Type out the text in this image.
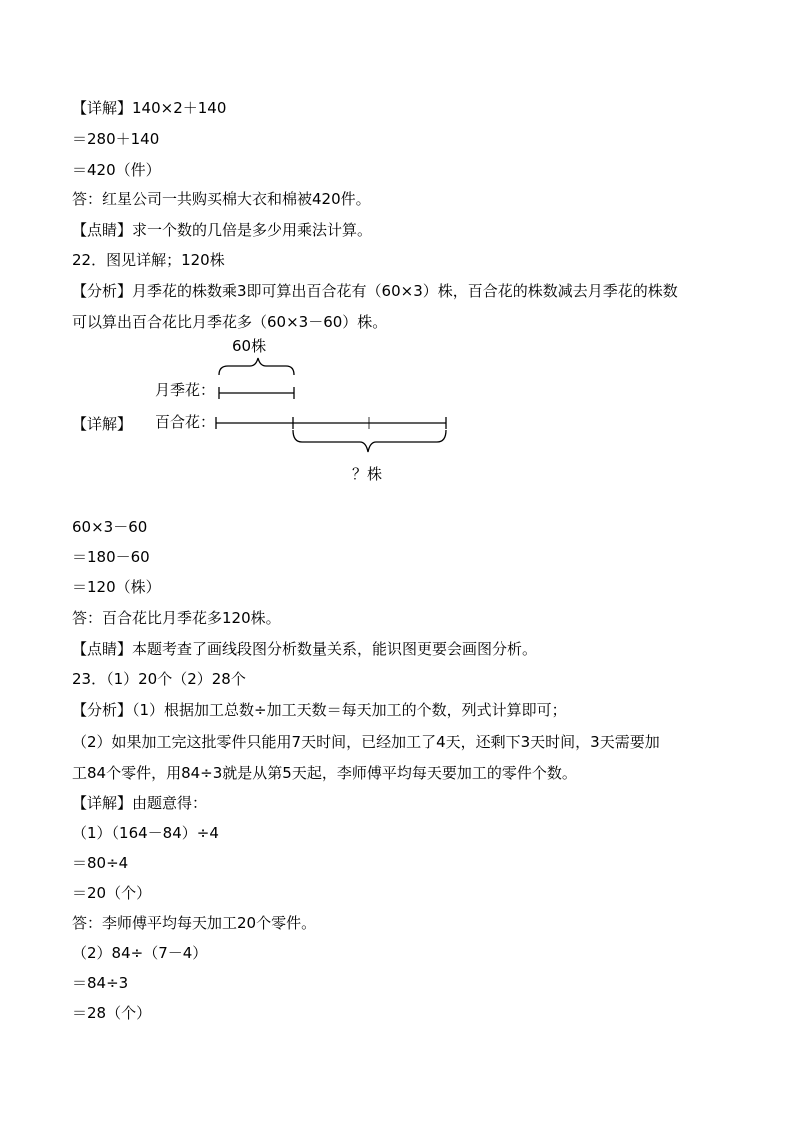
【详解】140×2＋140
＝280＋140
＝420（件）
答：红星公司一共购买棉大衣和棉被420件。
【点睛】求一个数的几倍是多少用乘法计算。
22．图见详解；120株
【分析】月季花的株数乘3即可算出百合花有（60×3）株，百合花的株数减去月季花的株数
可以算出百合花比月季花多（60×3－60）株。
60株
月季花：
【详解】 百合花：
？株
60×3－60
＝180－60
＝120（株）
答：百合花比月季花多120株。
【点睛】本题考查了画线段图分析数量关系，能识图更要会画图分析。
23．（1）20个（2）28个
【分析】（1）根据加工总数÷加工天数＝每天加工的个数，列式计算即可；
（2）如果加工完这批零件只能用7天时间，已经加工了4天，还剩下3天时间，3天需要加
工84个零件，用84÷3就是从第5天起，李师傅平均每天要加工的零件个数。
【详解】由题意得：
（1）（164－84）÷4
＝80÷4
＝20（个）
答：李师傅平均每天加工20个零件。
（2）84÷（7－4）
＝84÷3
＝28（个）
